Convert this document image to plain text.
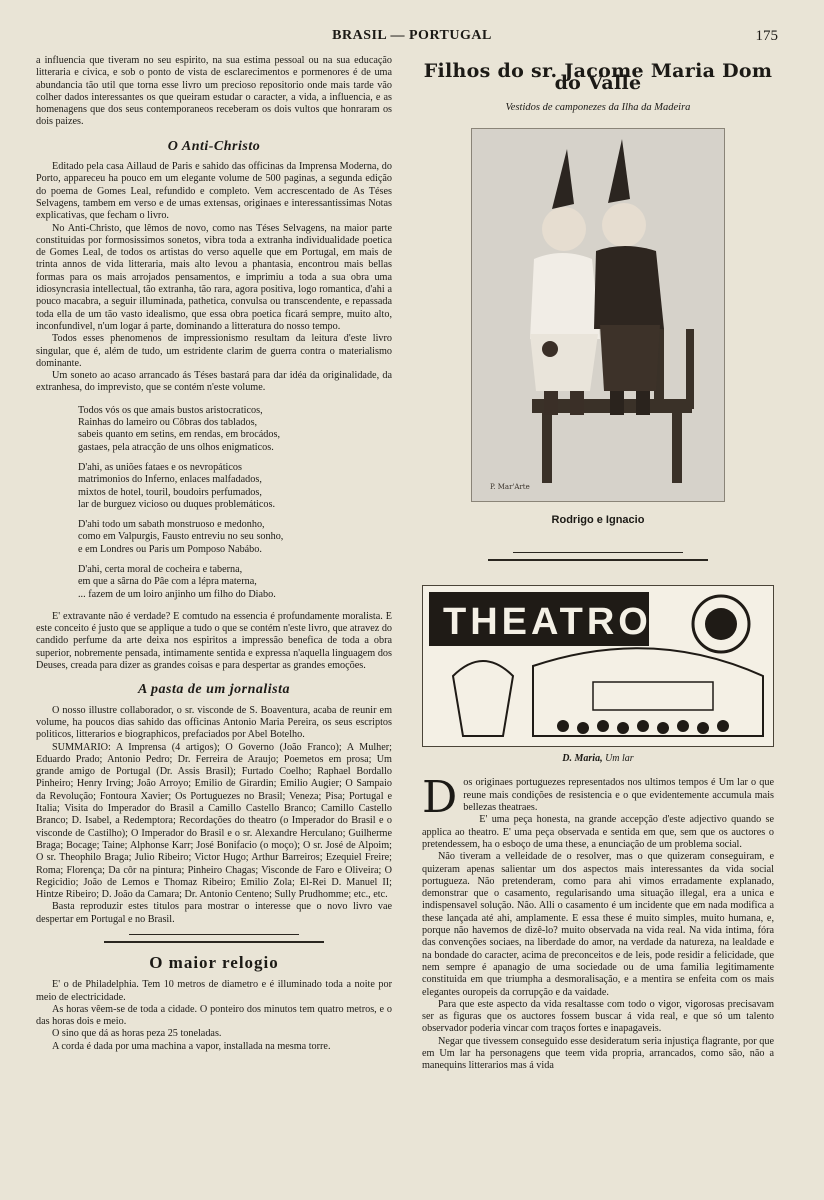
BRASIL — PORTUGAL	175

a influencia que tiveram no seu espirito, na sua estima pessoal ou na sua educação litteraria e civica, e sob o ponto de vista de esclarecimentos e pormenores é de uma abundancia tão util que torna esse livro um precioso repositorio onde mais tarde vão colher dados interessantes os que queiram estudar o caracter, a vida, a influencia, e as homenagens que dos seus contemporaneos receberam os dois vultos que honraram os dois paizes.

O Anti-Christo

Editado pela casa Aillaud de Paris e sahido das officinas da Imprensa Moderna, do Porto, appareceu ha pouco em um elegante volume de 500 paginas, a segunda edição do poema de Gomes Leal, refundido e completo. Vem accrescentado de As Téses Selvagens, tambem em verso e de umas extensas, originaes e interessantissimas Notas explicativas, que fecham o livro.

No Anti-Christo, que lêmos de novo, como nas Téses Selvagens, na maior parte constituidas por formosissimos sonetos, vibra toda a extranha individualidade poetica de Gomes Leal, de todos os artistas do verso aquelle que em Portugal, em mais de trinta annos de vida litteraria, mais alto levou a phantasia, encontrou mais bellas formas para os mais arrojados pensamentos, e imprimiu a toda a sua obra uma idiosyncrasia intellectual, tão extranha, tão rara, agora positiva, logo romantica, d'ahi a pouco macabra, a seguir illuminada, pathetica, convulsa ou transcendente, e repassada toda ella de um tão vasto idealismo, que essa obra poetica ficará sempre, muito alto, inconfundivel, n'um logar á parte, dominando a litteratura do nosso tempo.

Todos esses phenomenos de impressionismo resultam da leitura d'este livro singular, que é, além de tudo, um estridente clarim de guerra contra o materialismo dominante.

Um soneto ao acaso arrancado ás Téses bastará para dar idéa da originalidade, da extranhesa, do imprevisto, que se contém n'este volume.

Todos vós os que amais bustos aristocraticos,
Rainhas do lameiro ou Côbras dos tablados,
sabeis quanto em setins, em rendas, em brocádos,
gastaes, pela atracção de uns olhos enigmaticos.
D'ahi, as uniões fataes e os nevropáticos
matrimonios do Inferno, enlaces malfadados,
mixtos de hotel, touril, boudoirs perfumados,
lar de burguez vicioso ou duques problemáticos.
D'ahi todo um sabath monstruoso e medonho,
como em Valpurgis, Fausto entreviu no seu sonho,
e em Londres ou Paris um Pomposo Nabábo.
D'ahi, certa moral de cocheira e taberna,
em que a sârna do Pâe com a lépra materna,
... fazem de um loiro anjinho um filho do Diabo.

E' extravante não é verdade? E comtudo na essencia é profundamente moralista. E este conceito é justo que se applique a tudo o que se contém n'este livro, que atravez do candido perfume da arte deixa nos espiritos a impressão benefica de toda a obra superior, nobremente pensada, intimamente sentida e expressa n'aquella linguagem dos Deuses, creada para dizer as grandes coisas e para despertar as grandes emoções.

A pasta de um jornalista

O nosso illustre collaborador, o sr. visconde de S. Boaventura, acaba de reunir em volume, ha poucos dias sahido das officinas Antonio Maria Pereira, os seus escriptos politicos, litterarios e biographicos, prefaciados por Abel Botelho.

SUMMARIO: A Imprensa (4 artigos); O Governo (João Franco); A Mulher; Eduardo Prado; Antonio Pedro; Dr. Ferreira de Araujo; Poemetos em prosa; Um grande amigo de Portugal (Dr. Assis Brasil); Furtado Coelho; Raphael Bordallo Pinheiro; Henry Irving; João Arroyo; Emilio de Girardin; Emilio Augier; O Sampaio da Revolução; Fontoura Xavier; Os Portuguezes no Brasil; Veneza; Pisa; Portugal e Italia; Visita do Imperador do Brasil a Camillo Castello Branco; Camillo Castello Branco; D. Isabel, a Redemptora; Recordações do theatro (o Imperador do Brasil e o visconde de Castilho); O Imperador do Brasil e o sr. Alexandre Herculano; Guilherme Braga; Bocage; Taine; Alphonse Karr; José Bonifacio (o moço); O sr. José de Alpoim; O sr. Theophilo Braga; Julio Ribeiro; Victor Hugo; Arthur Barreiros; Ezequiel Freire; Roma; Florença; Da côr na pintura; Pinheiro Chagas; Visconde de Faro e Oliveira; O Regicidio; João de Lemos e Thomaz Ribeiro; Emilio Zola; El-Rei D. Manuel II; Hintze Ribeiro; D. João da Camara; Dr. Antonio Centeno; Sully Prudhomme; etc., etc.

Basta reproduzir estes titulos para mostrar o interesse que o novo livro vae despertar em Portugal e no Brasil.

O maior relogio

E' o de Philadelphia. Tem 10 metros de diametro e é illuminado toda a noite por meio de electricidade.

As horas vêem-se de toda a cidade. O ponteiro dos minutos tem quatro metros, e o das horas dois e meio.

O sino que dá as horas peza 25 toneladas.

A corda é dada por uma machina a vapor, installada na mesma torre.

Filhos do sr. Jacome Maria Dom do Valle
Vestidos de camponezes da Ilha da Madeira
P. Mar'Arte
Rodrigo e Ignacio
THEATROS
D. Maria, Um lar
D os originaes portuguezes representados nos ultimos tempos é Um lar o que reune mais condições de resistencia e o que evidentemente accumula mais bellezas theatraes.

E' uma peça honesta, na grande accepção d'este adjectivo quando se applica ao theatro. E' uma peça observada e sentida em que, sem que os auctores o pretendessem, ha o esboço de uma these, a enunciação de um problema social.

Não tiveram a velleidade de o resolver, mas o que quizeram conseguiram, e quizeram apenas salientar um dos aspectos mais interessantes da vida social portugueza. Não pretenderam, como para ahi vimos erradamente explanado, demonstrar que o casamento, regularisando uma situação illegal, era a unica e indispensavel solução. Não. Alli o casamento é um incidente que em nada modifica a these lançada até ahi, amplamente. E essa these é muito simples, muito humana, e, porque não havemos de dizê-lo? muito observada na vida real. Na vida intima, fóra das convenções sociaes, na liberdade do amor, na verdade da natureza, na lealdade e na bondade do caracter, acima de preconceitos e de leis, pode residir a felicidade, que nem sempre é apanagio de uma sociedade ou de uma familia legitimamente constituida em que triumpha a desmoralisação, e a mentira se enfeita com os mais elegantes ouropeis da corrupção e da vaidade.

Para que este aspecto da vida resaltasse com todo o vigor, vigorosas precisavam ser as figuras que os auctores fossem buscar á vida real, e que só um talento observador poderia vincar com traços fortes e inapagaveis.

Negar que tivessem conseguido esse desideratum seria injustiça flagrante, por que em Um lar ha personagens que teem vida propria, arrancados, como são, não a manequins litterarios mas á vida
